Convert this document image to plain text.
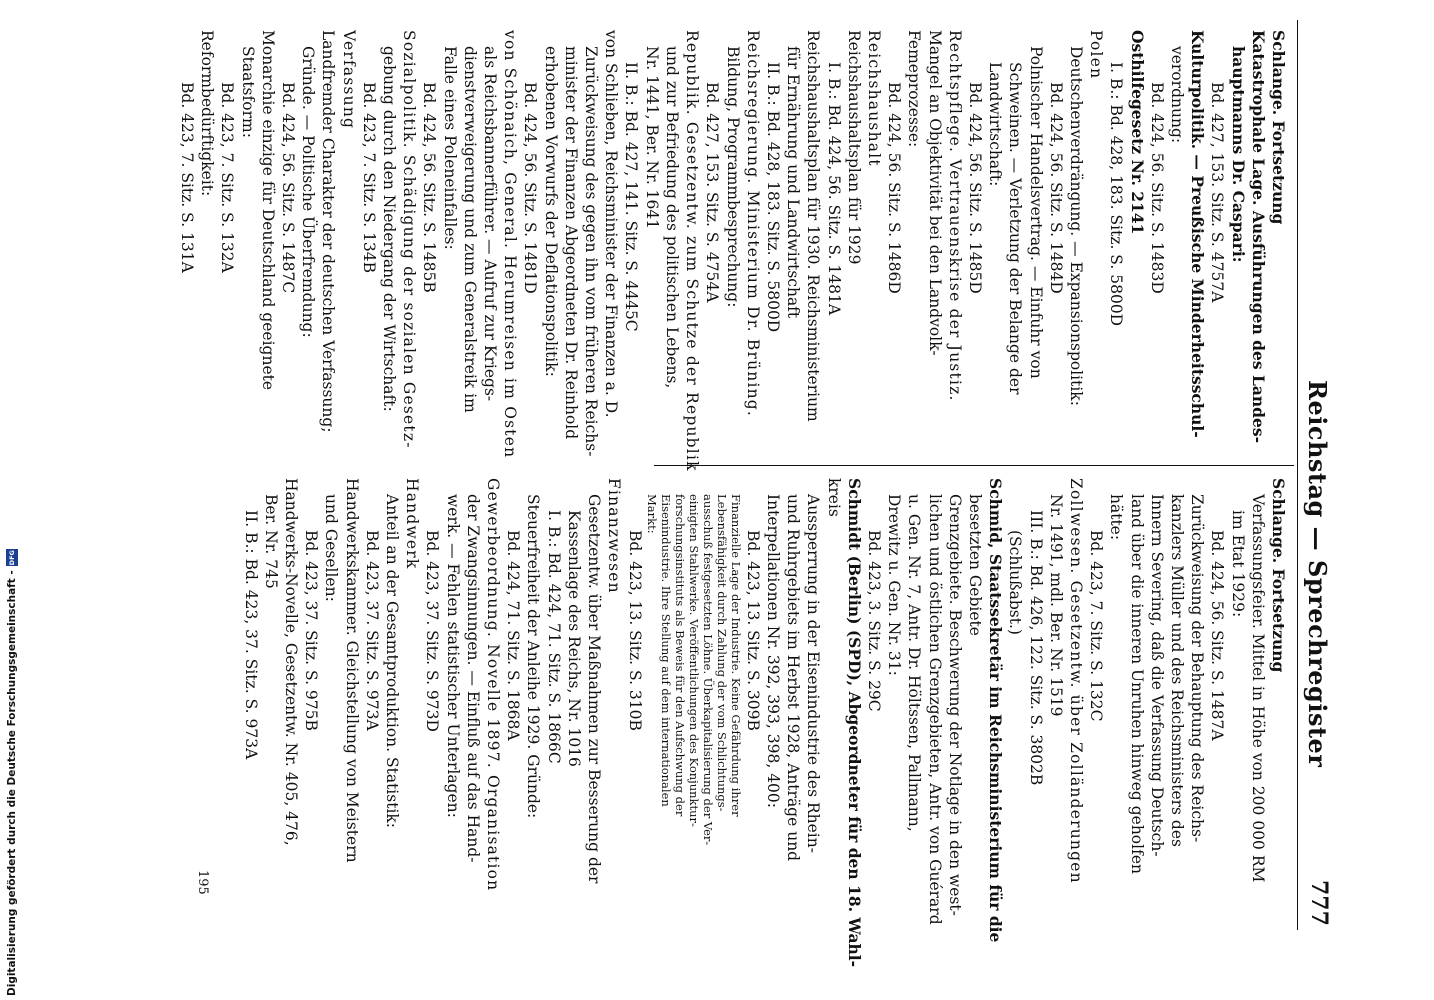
Reichstag — Sprechregister
777
Schlange. Fortsetzung
Katastrophale Lage. Ausführungen des Landes-
hauptmanns Dr. Caspari:
Bd. 427, 153. Sitz. S. 4757A
Kulturpolitik. — Preußische Minderheitsschul-
verordnung:
Bd. 424, 56. Sitz. S. 1483D
Osthilfegesetz Nr. 2141
I. B.: Bd. 428, 183. Sitz. S. 5800D
Polen
Deutschenverdrängung. — Expansionspolitik:
Bd. 424, 56. Sitz. S. 1484D
Polnischer Handelsvertrag. — Einfuhr von
Schweinen. — Verletzung der Belange der
Landwirtschaft:
Bd. 424, 56. Sitz. S. 1485D
Rechtspflege. Vertrauenskrise der Justiz.
Mangel an Objektivität bei den Landvolk-
Femeprozesse:
Bd. 424, 56. Sitz. S. 1486D
Reichshaushalt
Reichshaushaltsplan für 1929
I. B.: Bd. 424, 56. Sitz. S. 1481A
Reichshaushaltsplan für 1930. Reichsministerium
für Ernährung und Landwirtschaft
II. B.: Bd. 428, 183. Sitz. S. 5800D
Reichsregierung. Ministerium Dr. Brüning.
Bildung, Programmbesprechung:
Bd. 427, 153. Sitz. S. 4754A
Republik. Gesetzentw. zum Schutze der Republik
und zur Befriedung des politischen Lebens,
Nr. 1441, Ber. Nr. 1641
II. B.: Bd. 427, 141. Sitz. S. 4445C
von Schlieben, Reichsminister der Finanzen a. D.
Zurückweisung des gegen ihn vom früheren Reichs-
minister der Finanzen Abgeordneten Dr. Reinhold
erhobenen Vorwurfs der Deflationspolitik:
Bd. 424, 56. Sitz. S. 1481D
von Schönaich, General. Herumreisen im Osten
als Reichsbannerführer. — Aufruf zur Kriegs-
dienstverweigerung und zum Generalstreik im
Falle eines Poleneinfalles:
Bd. 424, 56. Sitz. S. 1485B
Sozialpolitik. Schädigung der sozialen Gesetz-
gebung durch den Niedergang der Wirtschaft:
Bd. 423, 7. Sitz. S. 134B
Verfassung
Landfremder Charakter der deutschen Verfassung;
Gründe. — Politische Überfremdung:
Bd. 424, 56. Sitz. S. 1487C
Monarchie einzige für Deutschland geeignete
Staatsform:
Bd. 423, 7. Sitz. S. 132A
Reformbedürftigkeit:
Bd. 423, 7. Sitz. S. 131A
Schlange. Fortsetzung
Verfassungsfeier. Mittel in Höhe von 200 000 RM
im Etat 1929:
Bd. 424, 56. Sitz. S. 1487A
Zurückweisung der Behauptung des Reichs-
kanzlers Müller und des Reichsministers des
Innern Severing, daß die Verfassung Deutsch-
land über die inneren Unruhen hinweg geholfen
hätte:
Bd. 423, 7. Sitz. S. 132C
Zollwesen. Gesetzentw. über Zolländerungen
Nr. 1491, mdl. Ber. Nr. 1519
III. B.: Bd. 426, 122. Sitz. S. 3802B
(Schlußabst.)
Schmid, Staatssekretär im Reichsministerium für die
besetzten Gebiete
Grenzgebiete. Beschwerung der Notlage in den west-
lichen und östlichen Grenzgebieten, Antr. von Guérard
u. Gen. Nr. 7, Antr. Dr. Höltssen, Pallmann,
Drewitz u. Gen. Nr. 31:
Bd. 423, 3. Sitz. S. 29C
Schmidt (Berlin) (SPD), Abgeordneter für den 18. Wahl-
kreis
Aussperrung in der Eisenindustrie des Rhein-
und Ruhrgebiets im Herbst 1928, Anträge und
Interpellationen Nr. 392, 393, 398, 400:
Bd. 423, 13. Sitz. S. 309B
Finanzielle Lage der Industrie. Keine Gefährdung ihrer
Lebensfähigkeit durch Zahlung der vom Schlichtungs-
ausschuß festgesetzten Löhne. Überkapitalisierung der Ver-
einigten Stahlwerke. Veröffentlichungen des Konjunktur-
forschungsinstituts als Beweis für den Aufschwung der
Eisenindustrie. Ihre Stellung auf dem internationalen
Markt:
Bd. 423, 13. Sitz. S. 310B
Finanzwesen
Gesetzentw. über Maßnahmen zur Besserung der
Kassenlage des Reichs, Nr. 1016
I. B.: Bd. 424, 71. Sitz. S. 1866C
Steuerfreiheit der Anleihe 1929. Gründe:
Bd. 424, 71. Sitz. S. 1868A
Gewerbeordnung. Novelle 1897. Organisation
der Zwangsinnungen. — Einfluß auf das Hand-
werk. — Fehlen statistischer Unterlagen:
Bd. 423, 37. Sitz. S. 973D
Handwerk
Anteil an der Gesamtproduktion. Statistik:
Bd. 423, 37. Sitz. S. 973A
Handwerkskammer. Gleichstellung von Meistern
und Gesellen:
Bd. 423, 37. Sitz. S. 975B
Handwerks-Novelle, Gesetzentw. Nr. 405, 476,
Ber. Nr. 745
II. B.: Bd. 423, 37. Sitz. S. 973A
195
Digitalisierung gefördert durch die Deutsche Forschungsgemeinschaft -
DFG
